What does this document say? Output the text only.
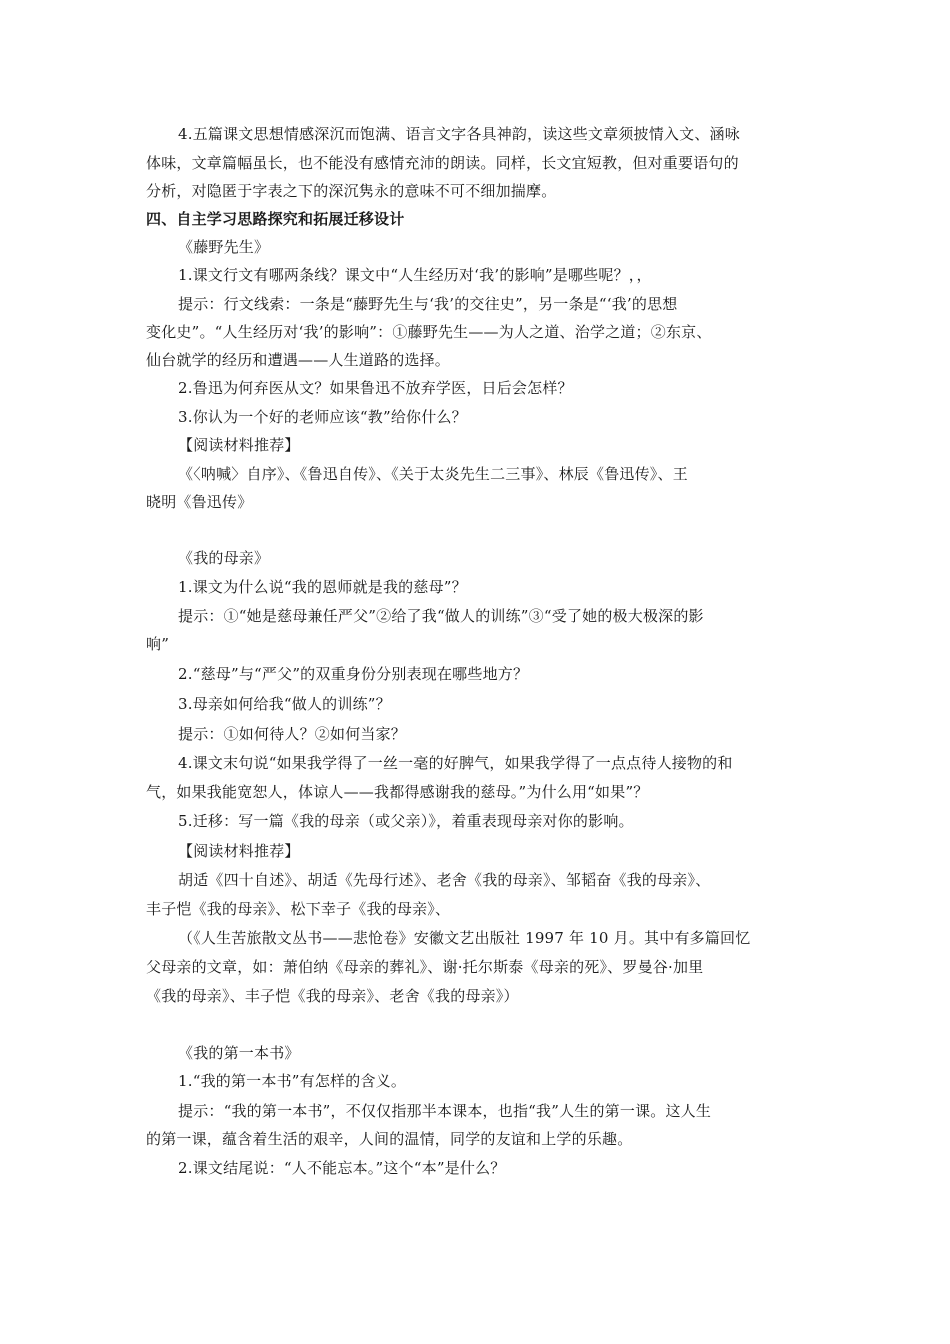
4.五篇课文思想情感深沉而饱满、语言文字各具神韵，读这些文章须披情入文、涵咏
体味，文章篇幅虽长，也不能没有感情充沛的朗读。同样，长文宜短教，但对重要语句的
分析，对隐匿于字表之下的深沉隽永的意味不可不细加揣摩。
四、自主学习思路探究和拓展迁移设计
《藤野先生》
1.课文行文有哪两条线？课文中“人生经历对‘我’的影响”是哪些呢？，，
提示：行文线索：一条是“藤野先生与‘我’的交往史”，另一条是“‘我’的思想
变化史”。“人生经历对‘我’的影响”：①藤野先生——为人之道、治学之道；②东京、
仙台就学的经历和遭遇——人生道路的选择。
2.鲁迅为何弃医从文？如果鲁迅不放弃学医，日后会怎样？
3.你认为一个好的老师应该“教”给你什么？
【阅读材料推荐】
《〈呐喊〉自序》、《鲁迅自传》、《关于太炎先生二三事》、林辰《鲁迅传》、王
晓明《鲁迅传》
《我的母亲》
1.课文为什么说“我的恩师就是我的慈母”？
提示：①“她是慈母兼任严父”②给了我“做人的训练”③“受了她的极大极深的影
响”
2.“慈母”与“严父”的双重身份分别表现在哪些地方？
3.母亲如何给我“做人的训练”？
提示：①如何待人？②如何当家？
4.课文末句说“如果我学得了一丝一毫的好脾气，如果我学得了一点点待人接物的和
气，如果我能宽恕人，体谅人——我都得感谢我的慈母。”为什么用“如果”？
5.迁移：写一篇《我的母亲（或父亲）》，着重表现母亲对你的影响。
【阅读材料推荐】
胡适《四十自述》、胡适《先母行述》、老舍《我的母亲》、邹韬奋《我的母亲》、
丰子恺《我的母亲》、松下幸子《我的母亲》、
（《人生苦旅散文丛书——悲怆卷》安徽文艺出版社 1997 年 10 月。其中有多篇回忆
父母亲的文章，如：萧伯纳《母亲的葬礼》、谢·托尔斯泰《母亲的死》、罗曼谷·加里
《我的母亲》、丰子恺《我的母亲》、老舍《我的母亲》）
《我的第一本书》
1.“我的第一本书”有怎样的含义。
提示：“我的第一本书”，不仅仅指那半本课本，也指“我”人生的第一课。这人生
的第一课，蕴含着生活的艰辛，人间的温情，同学的友谊和上学的乐趣。
2.课文结尾说：“人不能忘本。”这个“本”是什么？
